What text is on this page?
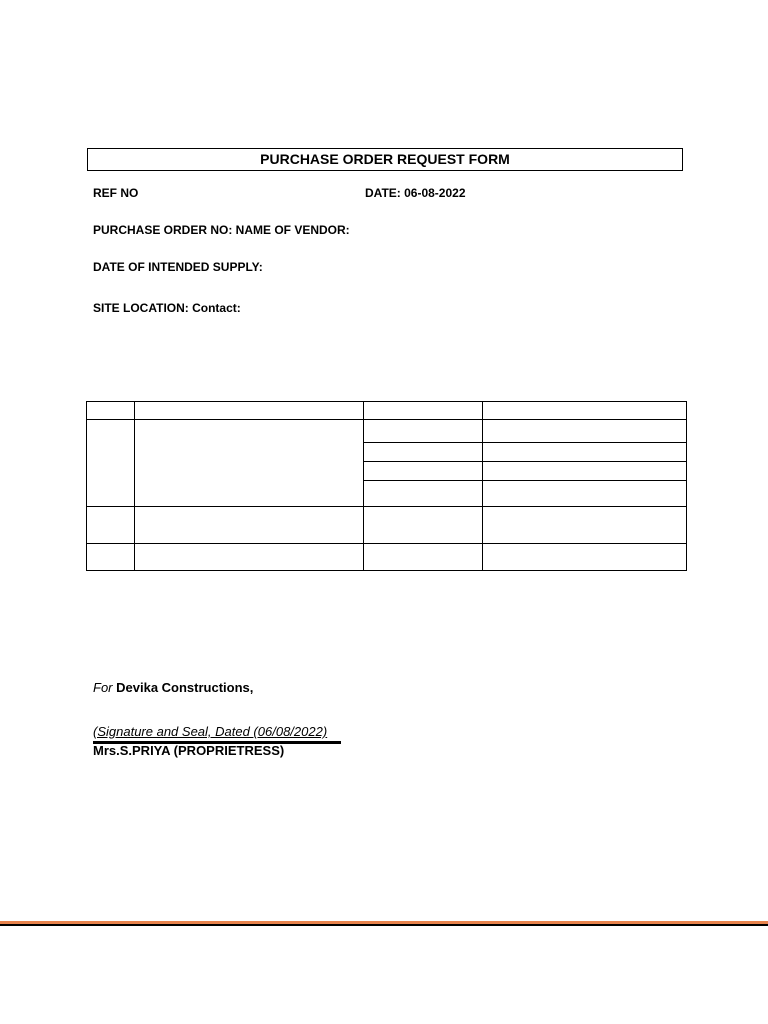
PURCHASE ORDER REQUEST FORM
REF NO	DATE: 06-08-2022
PURCHASE ORDER NO: NAME OF VENDOR:
DATE OF INTENDED SUPPLY:
SITE LOCATION: Contact:

For Devika Constructions,
(Signature and Seal, Dated (06/08/2022)
Mrs.S.PRIYA (PROPRIETRESS)
